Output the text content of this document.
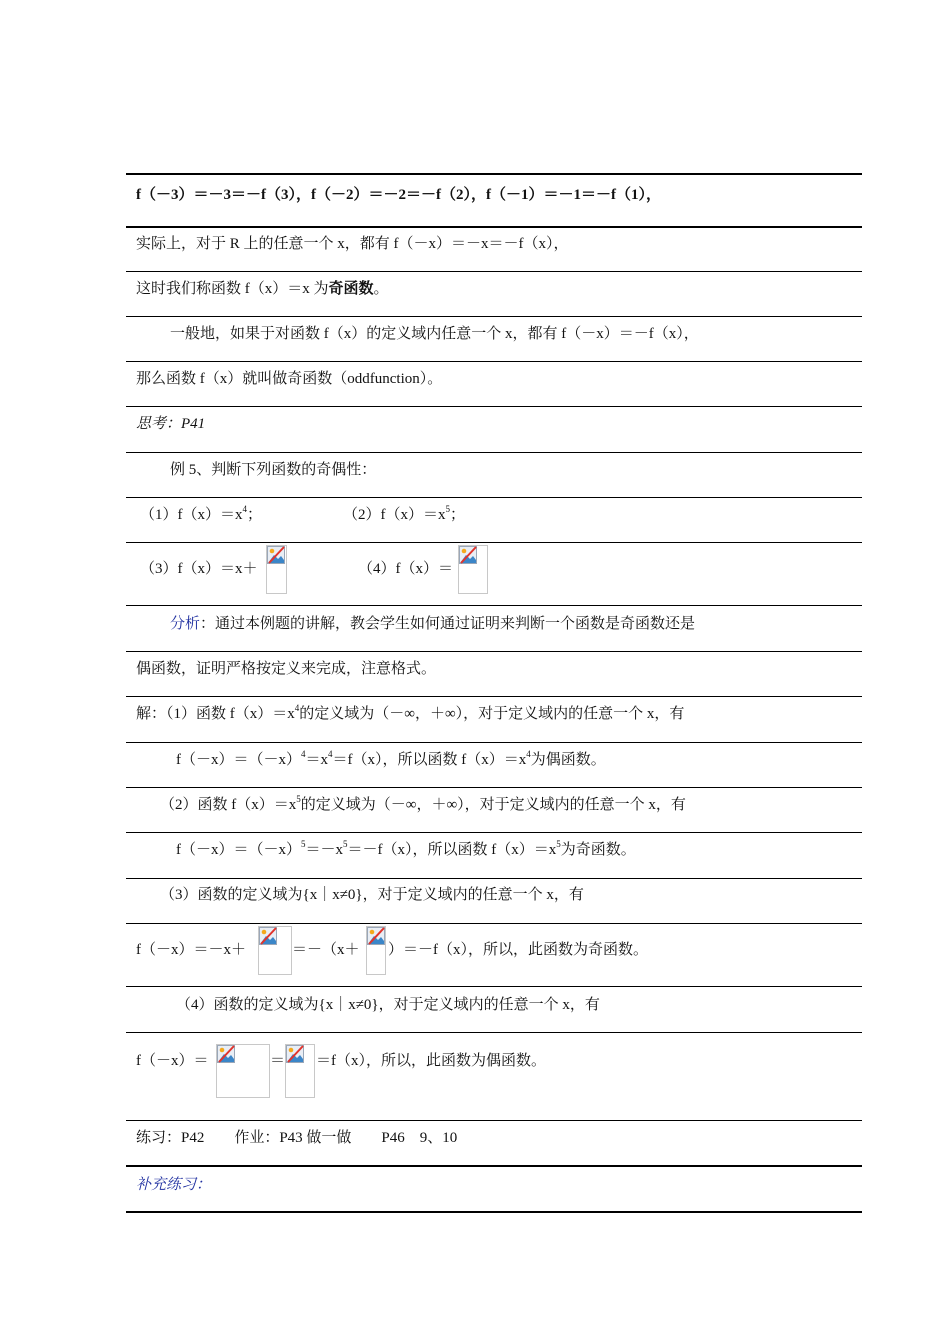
f（－3）＝－3＝－f（3），f（－2）＝－2＝－f（2），f（－1）＝－1＝－f（1），
实际上，对于 R 上的任意一个 x，都有 f（－x）＝－x＝－f（x），
这时我们称函数 f（x）＝x 为奇函数。
一般地，如果于对函数 f（x）的定义域内任意一个 x，都有 f（－x）＝－f（x），
那么函数 f（x）就叫做奇函数（oddfunction）。
思考：P41
例 5、判断下列函数的奇偶性：
$(1)f(x)=x^4$；	$(2)f(x)=x^5$；
（3）f（x）＝x＋	（4）f（x）＝
分析：通过本例题的讲解，教会学生如何通过证明来判断一个函数是奇函数还是
偶函数，证明严格按定义来完成，注意格式。
解：（1）函数 $f(x)=x^4$的定义域为（－∞，＋∞），对于定义域内的任意一个 x，有
$f(-x)=(-x)^4=x^4=f(x)$，所以函数 $f(x)=x^4$为偶函数。
（2）函数 $f(x)=x^5$的定义域为（－∞，＋∞），对于定义域内的任意一个 x，有
$f(-x)=(-x)^5=-x^5=-f(x)$，所以函数 $f(x)=x^5$为奇函数。
（3）函数的定义域为{x｜x≠0}，对于定义域内的任意一个 x，有
f（－x）＝－x＋	＝－（x＋ ）＝－f（x），所以，此函数为奇函数。
（4）函数的定义域为{x｜x≠0}，对于定义域内的任意一个 x，有
f（－x）＝	＝ ＝f（x），所以，此函数为偶函数。
练习：P42　　作业：P43 做一做　　P46　9、10
补充练习：
